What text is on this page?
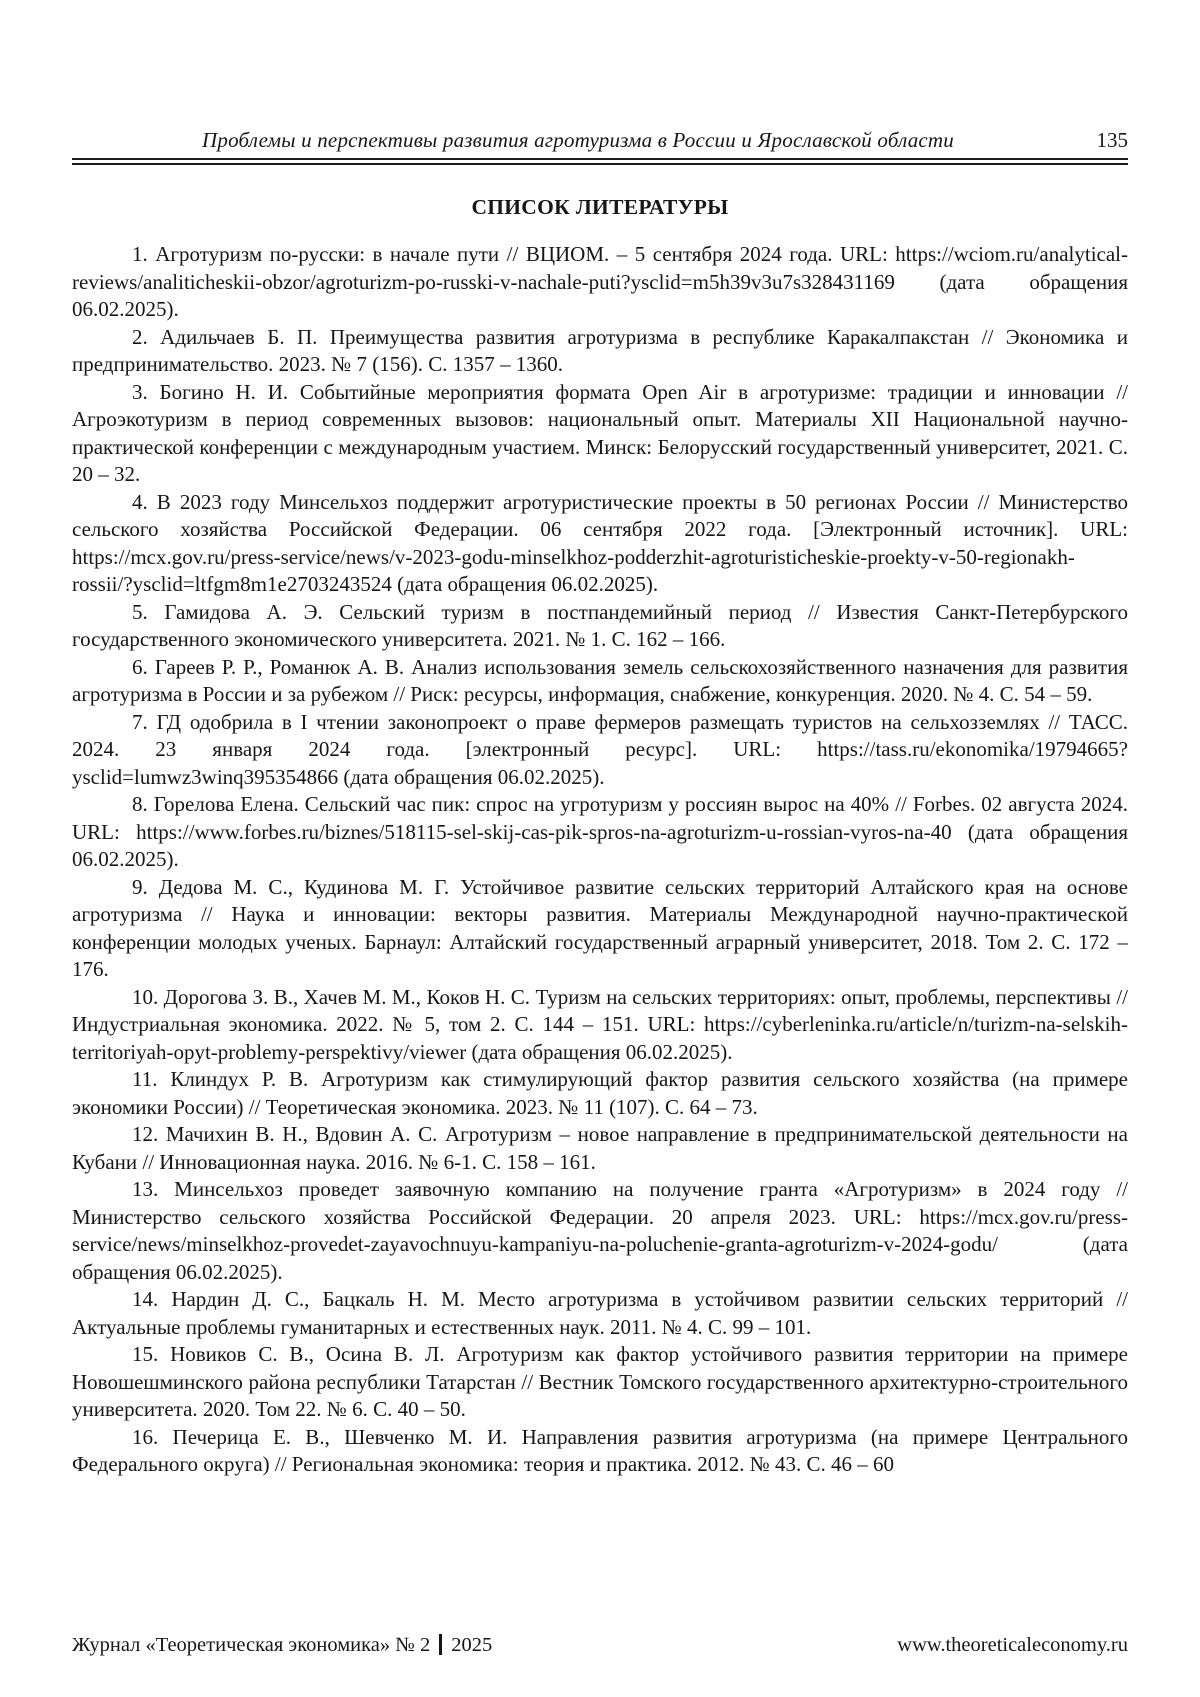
Проблемы и перспективы развития агротуризма в России и Ярославской области	135
СПИСОК ЛИТЕРАТУРЫ

1. Агротуризм по-русски: в начале пути // ВЦИОМ. – 5 сентября 2024 года. URL: https://wciom.ru/analytical-reviews/analiticheskii-obzor/agroturizm-po-russki-v-nachale-puti?ysclid=m5h39v3u7s328431169 (дата обращения 06.02.2025).

2. Адильчаев Б. П. Преимущества развития агротуризма в республике Каракалпакстан // Экономика и предпринимательство. 2023. № 7 (156). С. 1357 – 1360.

3. Богино Н. И. Событийные мероприятия формата Open Air в агротуризме: традиции и инновации // Агроэкотуризм в период современных вызовов: национальный опыт. Материалы XII Национальной научно-практической конференции с международным участием. Минск: Белорусский государственный университет, 2021. С. 20 – 32.

4. В 2023 году Минсельхоз поддержит агротуристические проекты в 50 регионах России // Министерство сельского хозяйства Российской Федерации. 06 сентября 2022 года. [Электронный источник]. URL: https://mcx.gov.ru/press-service/news/v-2023-godu-minselkhoz-podderzhit-agroturisticheskie-proekty-v-50-regionakh-rossii/?ysclid=ltfgm8m1e2703243524 (дата обращения 06.02.2025).

5. Гамидова А. Э. Сельский туризм в постпандемийный период // Известия Санкт-Петербурского государственного экономического университета. 2021. № 1. С. 162 – 166.

6. Гареев Р. Р., Романюк А. В. Анализ использования земель сельскохозяйственного назначения для развития агротуризма в России и за рубежом // Риск: ресурсы, информация, снабжение, конкуренция. 2020. № 4. С. 54 – 59.

7. ГД одобрила в I чтении законопроект о праве фермеров размещать туристов на сельхозземлях // ТАСС. 2024. 23 января 2024 года. [электронный ресурс]. URL: https://tass.ru/ekonomika/19794665?ysclid=lumwz3winq395354866 (дата обращения 06.02.2025).

8. Горелова Елена. Сельский час пик: спрос на угротуризм у россиян вырос на 40% // Forbes. 02 августа 2024. URL: https://www.forbes.ru/biznes/518115-sel-skij-cas-pik-spros-na-agroturizm-u-rossian-vyros-na-40 (дата обращения 06.02.2025).

9. Дедова М. С., Кудинова М. Г. Устойчивое развитие сельских территорий Алтайского края на основе агротуризма // Наука и инновации: векторы развития. Материалы Международной научно-практической конференции молодых ученых. Барнаул: Алтайский государственный аграрный университет, 2018. Том 2. С. 172 – 176.

10. Дорогова З. В., Хачев М. М., Коков Н. С. Туризм на сельских территориях: опыт, проблемы, перспективы // Индустриальная экономика. 2022. № 5, том 2. С. 144 – 151. URL: https://cyberleninka.ru/article/n/turizm-na-selskih-territoriyah-opyt-problemy-perspektivy/viewer (дата обращения 06.02.2025).

11. Клиндух Р. В. Агротуризм как стимулирующий фактор развития сельского хозяйства (на примере экономики России) // Теоретическая экономика. 2023. № 11 (107). С. 64 – 73.

12. Мачихин В. Н., Вдовин А. С. Агротуризм – новое направление в предпринимательской деятельности на Кубани // Инновационная наука. 2016. № 6-1. С. 158 – 161.

13. Минсельхоз проведет заявочную компанию на получение гранта «Агротуризм» в 2024 году // Министерство сельского хозяйства Российской Федерации. 20 апреля 2023. URL: https://mcx.gov.ru/press-service/news/minselkhoz-provedet-zayavochnuyu-kampaniyu-na-poluchenie-granta-agroturizm-v-2024-godu/ (дата обращения 06.02.2025).

14. Нардин Д. С., Бацкаль Н. М. Место агротуризма в устойчивом развитии сельских территорий // Актуальные проблемы гуманитарных и естественных наук. 2011. № 4. С. 99 – 101.

15. Новиков С. В., Осина В. Л. Агротуризм как фактор устойчивого развития территории на примере Новошешминского района республики Татарстан // Вестник Томского государственного архитектурно-строительного университета. 2020. Том 22. № 6. С. 40 – 50.

16. Печерица Е. В., Шевченко М. И. Направления развития агротуризма (на примере Центрального Федерального округа) // Региональная экономика: теория и практика. 2012. № 43. С. 46 – 60

Журнал «Теоретическая экономика» № 2 2025	www.theoreticaleconomy.ru
